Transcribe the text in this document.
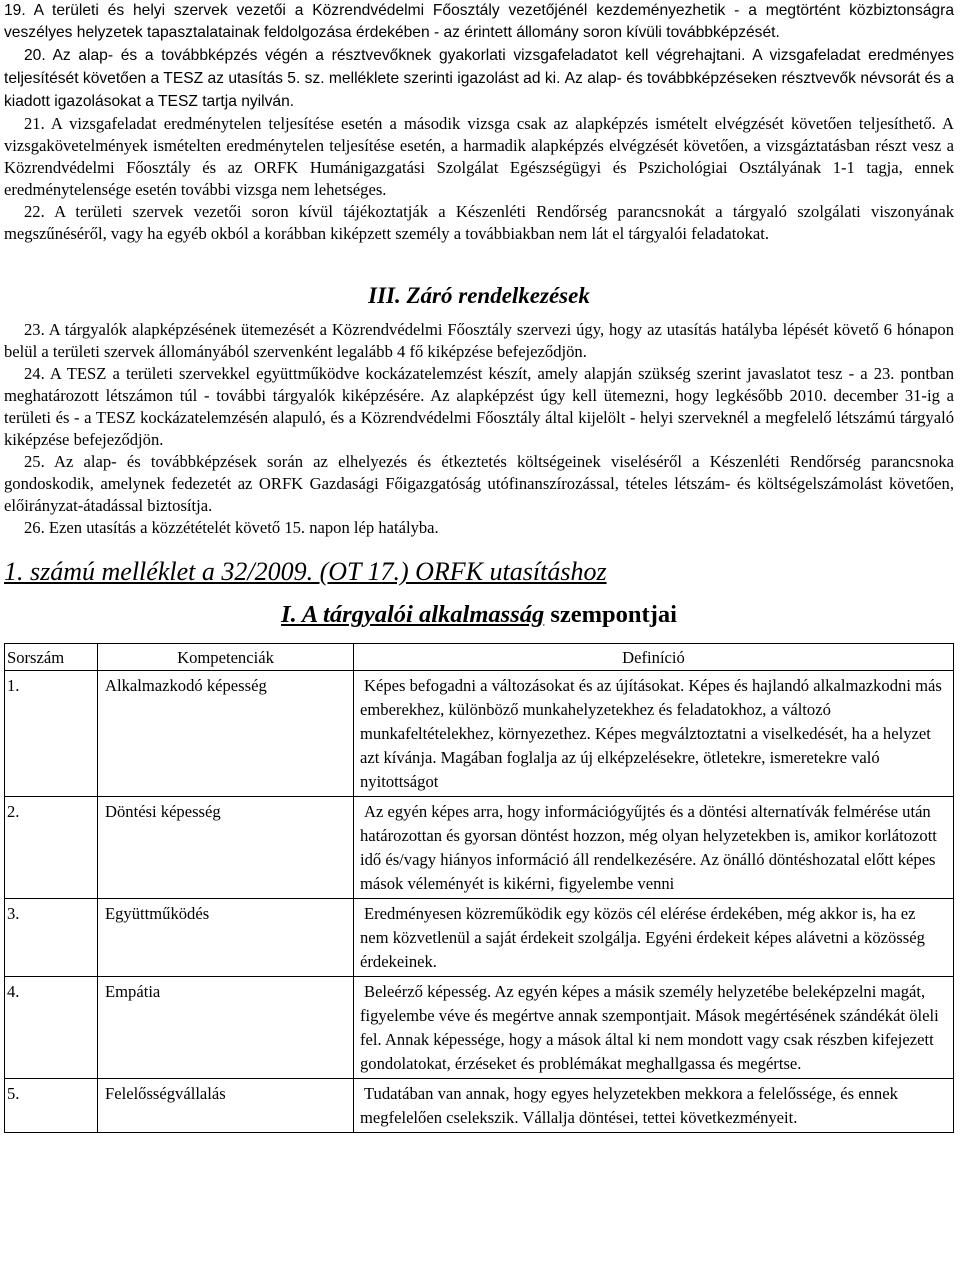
19. A területi és helyi szervek vezetői a Közrendvédelmi Főosztály vezetőjénél kezdeményezhetik - a megtörtént közbiztonságra veszélyes helyzetek tapasztalatainak feldolgozása érdekében - az érintett állomány soron kívüli továbbképzését.

20. Az alap- és a továbbképzés végén a résztvevőknek gyakorlati vizsgafeladatot kell végrehajtani. A vizsgafeladat eredményes teljesítését követően a TESZ az utasítás 5. sz. melléklete szerinti igazolást ad ki. Az alap- és továbbképzéseken résztvevők névsorát és a kiadott igazolásokat a TESZ tartja nyilván.

21. A vizsgafeladat eredménytelen teljesítése esetén a második vizsga csak az alapképzés ismételt elvégzését követően teljesíthető. A vizsgakövetelmények ismételten eredménytelen teljesítése esetén, a harmadik alapképzés elvégzését követően, a vizsgáztatásban részt vesz a Közrendvédelmi Főosztály és az ORFK Humánigazgatási Szolgálat Egészségügyi és Pszichológiai Osztályának 1-1 tagja, ennek eredménytelensége esetén további vizsga nem lehetséges.

22. A területi szervek vezetői soron kívül tájékoztatják a Készenléti Rendőrség parancsnokát a tárgyaló szolgálati viszonyának megszűnéséről, vagy ha egyéb okból a korábban kiképzett személy a továbbiakban nem lát el tárgyalói feladatokat.

III. Záró rendelkezések

23. A tárgyalók alapképzésének ütemezését a Közrendvédelmi Főosztály szervezi úgy, hogy az utasítás hatályba lépését követő 6 hónapon belül a területi szervek állományából szervenként legalább 4 fő kiképzése befejeződjön.

24. A TESZ a területi szervekkel együttműködve kockázatelemzést készít, amely alapján szükség szerint javaslatot tesz - a 23. pontban meghatározott létszámon túl - további tárgyalók kiképzésére. Az alapképzést úgy kell ütemezni, hogy legkésőbb 2010. december 31-ig a területi és - a TESZ kockázatelemzésén alapuló, és a Közrendvédelmi Főosztály által kijelölt - helyi szerveknél a megfelelő létszámú tárgyaló kiképzése befejeződjön.

25. Az alap- és továbbképzések során az elhelyezés és étkeztetés költségeinek viseléséről a Készenléti Rendőrség parancsnoka gondoskodik, amelynek fedezetét az ORFK Gazdasági Főigazgatóság utófinanszírozással, tételes létszám- és költségelszámolást követően, előirányzat-átadással biztosítja.

26. Ezen utasítás a közzétételét követő 15. napon lép hatályba.

1. számú melléklet a 32/2009. (OT 17.) ORFK utasításhoz
I. A tárgyalói alkalmasság szempontjai
Sorszám	Kompetenciák	Definíció
1.	Alkalmazkodó képesség	Képes befogadni a változásokat és az újításokat. Képes és hajlandó alkalmazkodni más emberekhez, különböző munkahelyzetekhez és feladatokhoz, a változó munkafeltételekhez, környezethez. Képes megválztoztatni a viselkedését, ha a helyzet azt kívánja. Magában foglalja az új elképzelésekre, ötletekre, ismeretekre való nyitottságot
2.	Döntési képesség	Az egyén képes arra, hogy információgyűjtés és a döntési alternatívák felmérése után határozottan és gyorsan döntést hozzon, még olyan helyzetekben is, amikor korlátozott idő és/vagy hiányos információ áll rendelkezésére. Az önálló döntéshozatal előtt képes mások véleményét is kikérni, figyelembe venni
3.	Együttműködés	Eredményesen közreműködik egy közös cél elérése érdekében, még akkor is, ha ez nem közvetlenül a saját érdekeit szolgálja. Egyéni érdekeit képes alávetni a közösség érdekeinek.
4.	Empátia	Beleérző képesség. Az egyén képes a másik személy helyzetébe beleképzelni magát, figyelembe véve és megértve annak szempontjait. Mások megértésének szándékát öleli fel. Annak képessége, hogy a mások által ki nem mondott vagy csak részben kifejezett gondolatokat, érzéseket és problémákat meghallgassa és megértse.
5.	Felelősségvállalás	Tudatában van annak, hogy egyes helyzetekben mekkora a felelőssége, és ennek megfelelően cselekszik. Vállalja döntései, tettei következményeit.
